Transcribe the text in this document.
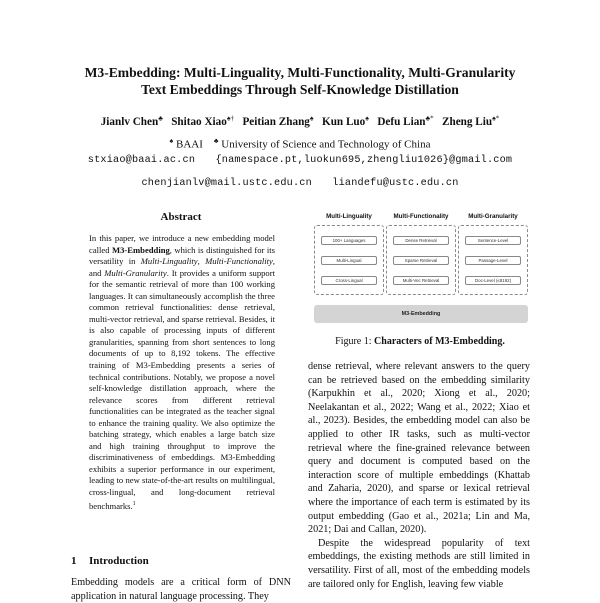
M3-Embedding: Multi-Linguality, Multi-Functionality, Multi-Granularity
Text Embeddings Through Self-Knowledge Distillation
Jianlv Chen♣ Shitao Xiao♠† Peitian Zhang♠ Kun Luo♠ Defu Lian♣* Zheng Liu♠*
♠ BAAI ♣ University of Science and Technology of China
stxiao@baai.ac.cn {namespace.pt,luokun695,zhengliu1026}@gmail.com
chenjianlv@mail.ustc.edu.cn liandefu@ustc.edu.cn
Abstract
In this paper, we introduce a new embedding model called M3-Embedding, which is distinguished for its versatility in Multi-Linguality, Multi-Functionality, and Multi-Granularity. It provides a uniform support for the semantic retrieval of more than 100 working languages. It can simultaneously accomplish the three common retrieval functionalities: dense retrieval, multi-vector retrieval, and sparse retrieval. Besides, it is also capable of processing inputs of different granularities, spanning from short sentences to long documents of up to 8,192 tokens. The effective training of M3-Embedding presents a series of technical contributions. Notably, we propose a novel self-knowledge distillation approach, where the relevance scores from different retrieval functionalities can be integrated as the teacher signal to enhance the training quality. We also optimize the batching strategy, which enables a large batch size and high training throughput to improve the discriminativeness of embeddings. M3-Embedding exhibits a superior performance in our experiment, leading to new state-of-the-art results on multilingual, cross-lingual, and long-document retrieval benchmarks.$^1$
1 Introduction
Embedding models are a critical form of DNN application in natural language processing. They
Multi-Linguality	Multi-Functionality	Multi-Granularity
100+ Languages
Multi-Lingual
Cross-Lingual
Dense Retrieval
Sparse Retrieval
Multi-Vec Retrieval
Sentence-Level
Passage-Level
Doc-Level (≤8192)
M3-Embedding
Figure 1: Characters of M3-Embedding.

dense retrieval, where relevant answers to the query can be retrieved based on the embedding similarity (Karpukhin et al., 2020; Xiong et al., 2020; Neelakantan et al., 2022; Wang et al., 2022; Xiao et al., 2023). Besides, the embedding model can also be applied to other IR tasks, such as multi-vector retrieval where the fine-grained relevance between query and document is computed based on the interaction score of multiple embeddings (Khattab and Zaharia, 2020), and sparse or lexical retrieval where the importance of each term is estimated by its output embedding (Gao et al., 2021a; Lin and Ma, 2021; Dai and Callan, 2020).

Despite the widespread popularity of text embeddings, the existing methods are still limited in versatility. First of all, most of the embedding models are tailored only for English, leaving few viable
